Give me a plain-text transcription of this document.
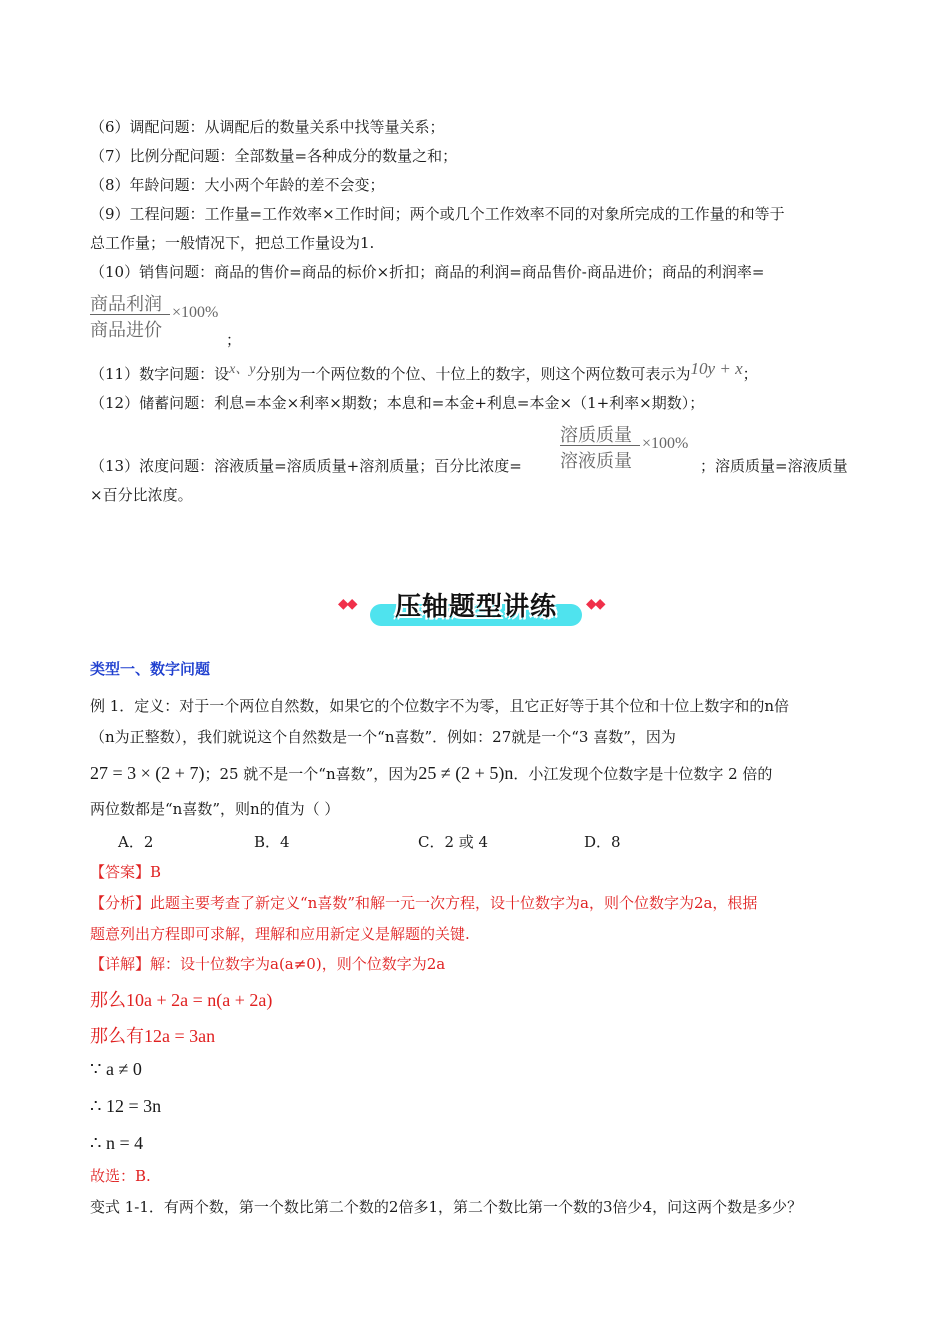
（6）调配问题：从调配后的数量关系中找等量关系；
（7）比例分配问题：全部数量=各种成分的数量之和；
（8）年龄问题：大小两个年龄的差不会变；
（9）工程问题：工作量=工作效率×工作时间；两个或几个工作效率不同的对象所完成的工作量的和等于
总工作量；一般情况下，把总工作量设为1.
（10）销售问题：商品的售价=商品的标价×折扣；商品的利润=商品售价-商品进价；商品的利润率=
商品利润
商品进价
×100%
；
（11）数字问题：设x、y分别为一个两位数的个位、十位上的数字，则这个两位数可表示为10y + x；
（12）储蓄问题：利息=本金×利率×期数；本息和=本金+利息=本金×（1+利率×期数）；
（13）浓度问题：溶液质量=溶质质量+溶剂质量；百分比浓度=
溶质质量
溶液质量
×100%
；溶质质量=溶液质量
×百分比浓度。
◆◆	压轴题型讲练	◆◆
类型一、数字问题
例 1．定义：对于一个两位自然数，如果它的个位数字不为零，且它正好等于其个位和十位上数字和的n倍
（n为正整数），我们就说这个自然数是一个“n喜数”．例如：27就是一个“3 喜数”，因为
27 = 3 × (2 + 7)；25 就不是一个“n喜数”，因为25 ≠ (2 + 5)n．小江发现个位数字是十位数字 2 倍的
两位数都是“n喜数”，则n的值为（ ）
A．2	B．4	C．2 或 4	D．8
【答案】B
【分析】此题主要考查了新定义“n喜数”和解一元一次方程，设十位数字为a，则个位数字为2a，根据
题意列出方程即可求解，理解和应用新定义是解题的关键.
【详解】解：设十位数字为a(a≠0)，则个位数字为2a
那么10a + 2a = n(a + 2a)
那么有12a = 3an
∵ a ≠ 0
∴ 12 = 3n
∴ n = 4
故选：B.
变式 1-1．有两个数，第一个数比第二个数的2倍多1，第二个数比第一个数的3倍少4，问这两个数是多少？
